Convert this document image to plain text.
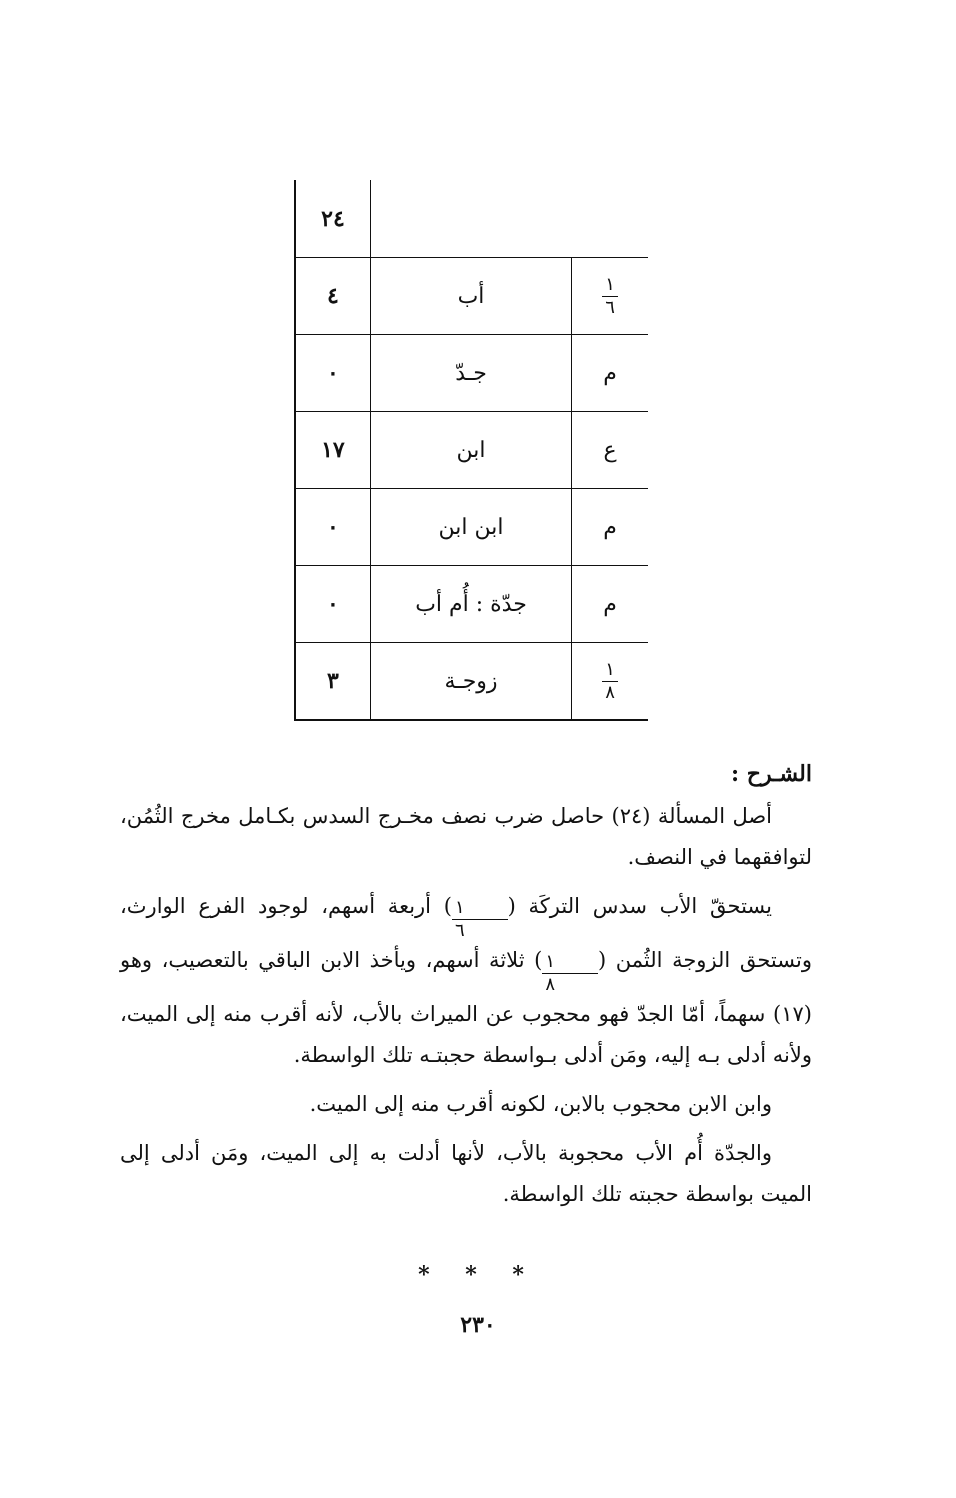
٢٤
٤	أب	$\frac{١}{٦}$
٠	جـدّ	م
١٧	ابن	ع
٠	ابن ابن	م
٠	جدّة : أُم أب	م
٣	زوجـة	$\frac{١}{٨}$

الشـرح :

أصل المسألة (٢٤) حاصل ضرب نصف مخـرج السدس بكـامل مخرج الثُمُن، لتوافقهما في النصف.

يستحقّ الأب سدس التركَة (
$\frac{١}{٦}$
) أربعة أسهم، لوجود الفرع الوارث، وتستحق الزوجة الثُمن (
$\frac{١}{٨}$
) ثلاثة أسهم، ويأخذ الابن الباقي بالتعصيب، وهو (١٧) سهماً، أمّا الجدّ فهو محجوب عن الميراث بالأب، لأنه أقرب منه إلى الميت، ولأنه أدلى بـه إليه، ومَن أدلى بـواسطة حجبتـه تلك الواسطة.

وابن الابن محجوب بالابن، لكونه أقرب منه إلى الميت.

والجدّة أُم الأب محجوبة بالأب، لأنها أدلت به إلى الميت، ومَن أدلى إلى الميت بواسطة حجبته تلك الواسطة.

* * *
٢٣٠
